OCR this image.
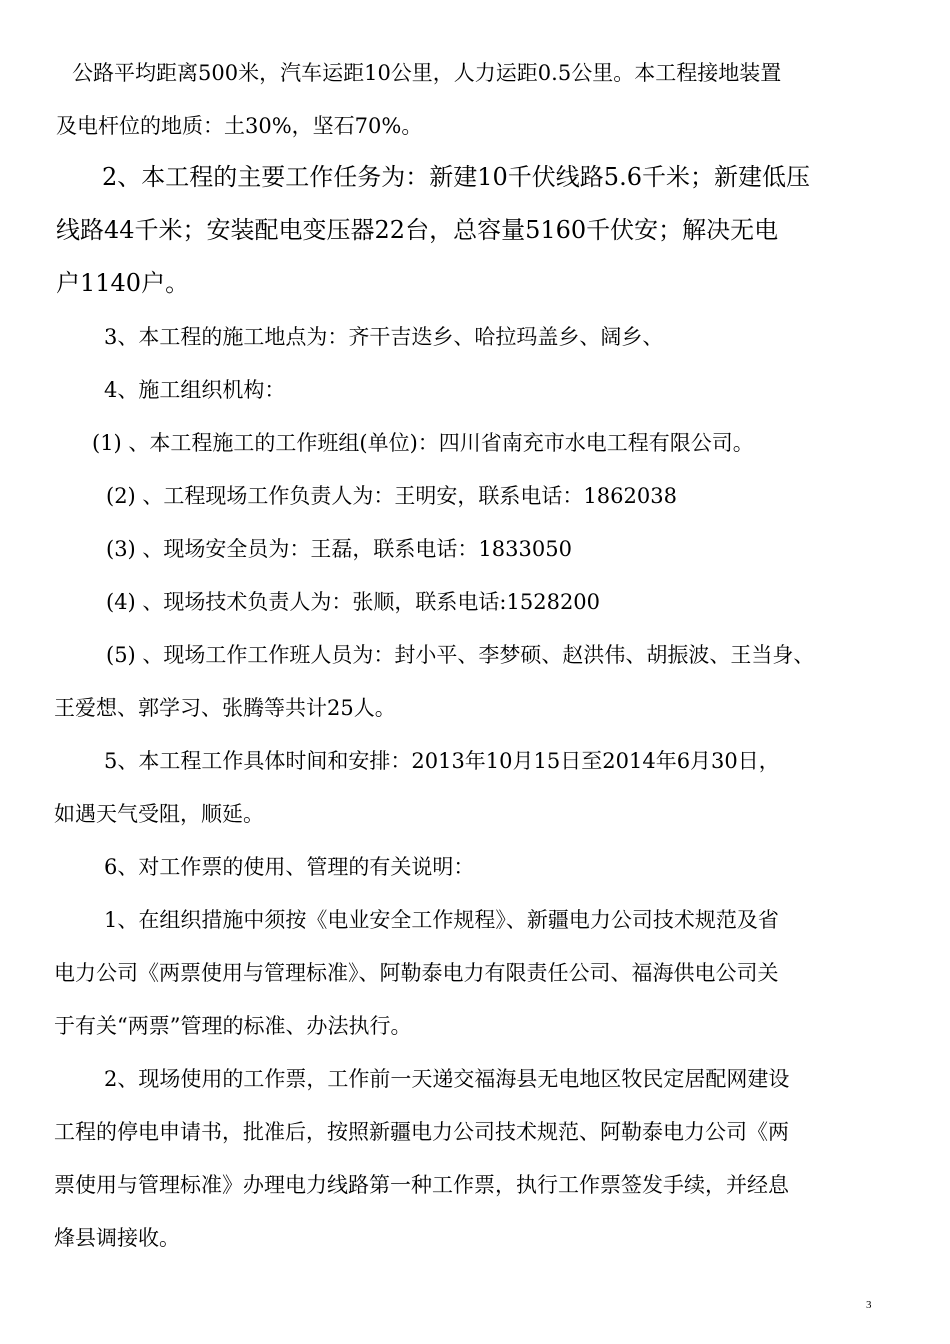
公路平均距离500米，汽车运距10公里，人力运距0.5公里。本工程接地装置
及电杆位的地质：土30%，坚石70%。
2、本工程的主要工作任务为：新建10千伏线路5.6千米；新建低压
线路44千米；安装配电变压器22台，总容量5160千伏安；解决无电
户1140户。
3、本工程的施工地点为：齐干吉迭乡、哈拉玛盖乡、阔乡、
4、施工组织机构：
(1) 、本工程施工的工作班组(单位)：四川省南充市水电工程有限公司。
(2) 、工程现场工作负责人为：王明安，联系电话：1862038
(3) 、现场安全员为：王磊，联系电话：1833050
(4) 、现场技术负责人为：张顺，联系电话:1528200
(5) 、现场工作工作班人员为：封小平、李梦硕、赵洪伟、胡振波、王当身、
王爱想、郭学习、张腾等共计25人。
5、本工程工作具体时间和安排：2013年10月15日至2014年6月30日，
如遇天气受阻，顺延。
6、对工作票的使用、管理的有关说明：
1、在组织措施中须按《电业安全工作规程》、新疆电力公司技术规范及省
电力公司《两票使用与管理标准》、阿勒泰电力有限责任公司、福海供电公司关
于有关“两票”管理的标准、办法执行。
2、现场使用的工作票，工作前一天递交福海县无电地区牧民定居配网建设
工程的停电申请书，批准后，按照新疆电力公司技术规范、阿勒泰电力公司《两
票使用与管理标准》办理电力线路第一种工作票，执行工作票签发手续，并经息
烽县调接收。
3
